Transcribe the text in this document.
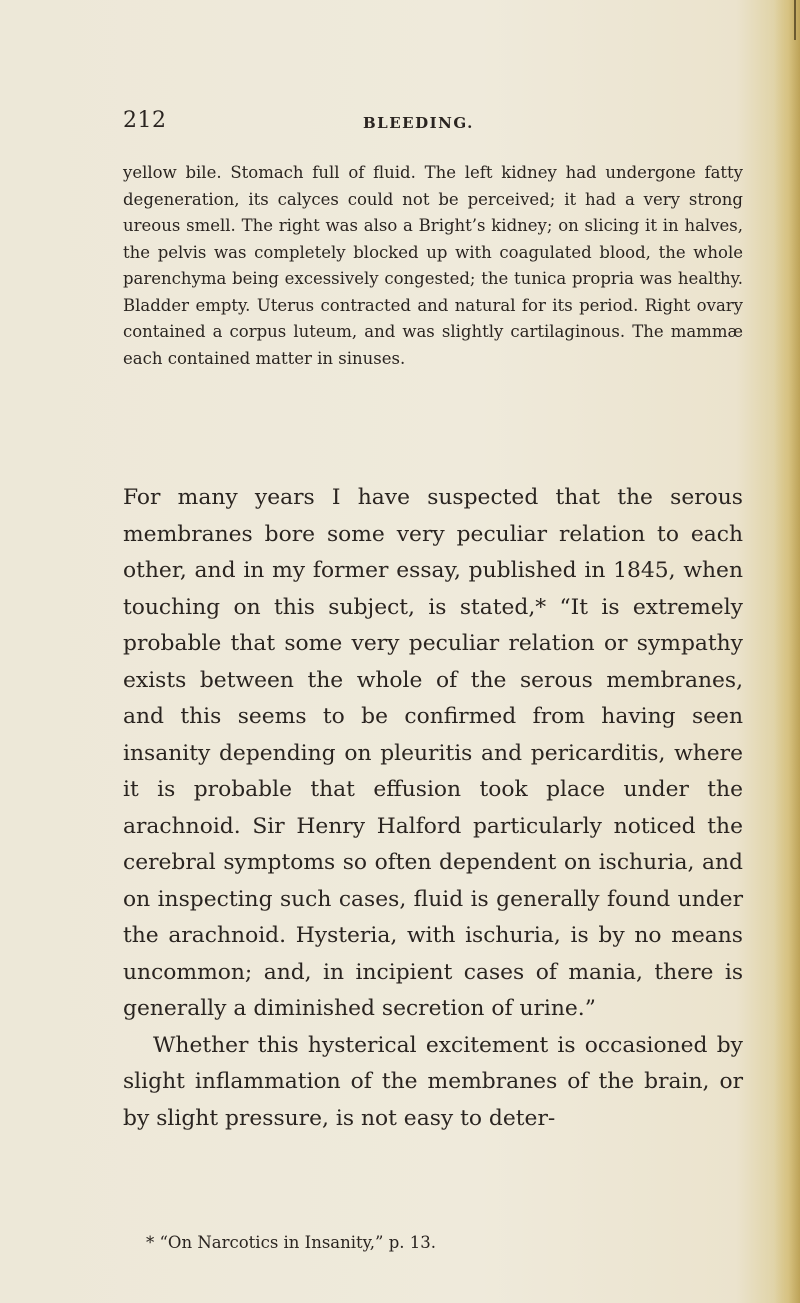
212	BLEEDING.
yellow bile. Stomach full of fluid. The left kidney had undergone fatty degeneration, its calyces could not be perceived; it had a very strong ureous smell. The right was also a Bright’s kidney; on slicing it in halves, the pelvis was completely blocked up with coagulated blood, the whole parenchyma being excessively congested; the tunica propria was healthy. Bladder empty. Uterus contracted and natural for its period. Right ovary contained a corpus luteum, and was slightly cartilaginous. The mammæ each contained matter in sinuses.

For many years I have suspected that the serous membranes bore some very peculiar relation to each other, and in my former essay, published in 1845, when touching on this subject, is stated,* “It is extremely probable that some very peculiar relation or sympathy exists between the whole of the serous membranes, and this seems to be confirmed from having seen insanity depending on pleuritis and pericarditis, where it is probable that effusion took place under the arachnoid. Sir Henry Halford particularly noticed the cerebral symptoms so often dependent on ischuria, and on inspecting such cases, fluid is generally found under the arachnoid. Hysteria, with ischuria, is by no means uncommon; and, in incipient cases of mania, there is generally a diminished secretion of urine.”

Whether this hysterical excitement is occasioned by slight inflammation of the membranes of the brain, or by slight pressure, is not easy to deter-

* “On Narcotics in Insanity,” p. 13.
